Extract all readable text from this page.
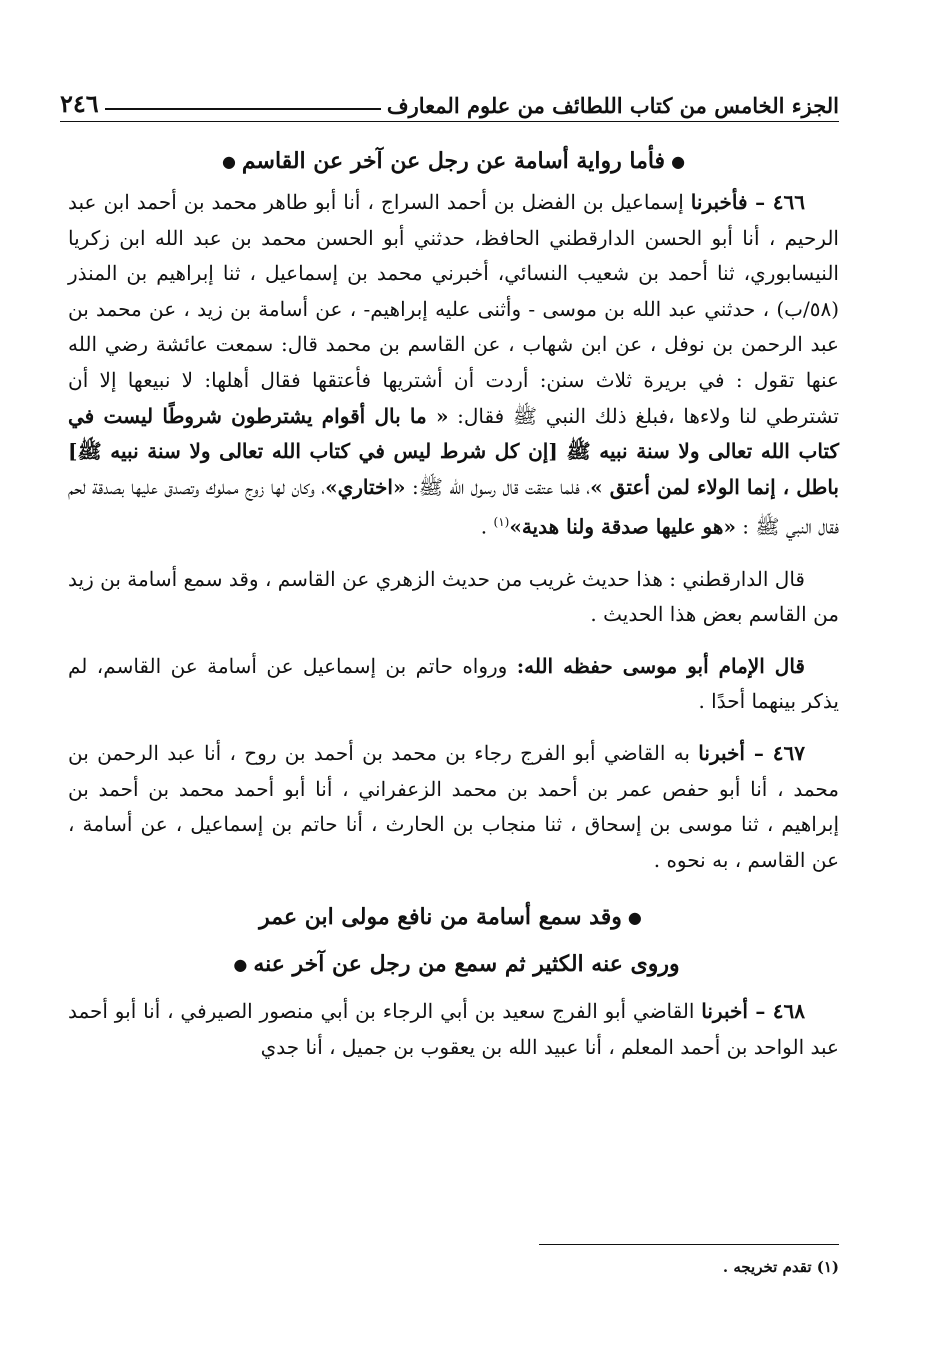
٢٤٦	الجزء الخامس من كتاب اللطائف من علوم المعارف

●فأما رواية أسامة عن رجل عن آخر عن القاسم●

٤٦٦ – فأخبرنا إسماعيل بن الفضل بن أحمد السراج ، أنا أبو طاهر محمد بن أحمد ابن عبد الرحيم ، أنا أبو الحسن الدارقطني الحافظ، حدثني أبو الحسن محمد بن عبد الله ابن زكريا النيسابوري، ثنا أحمد بن شعيب النسائي، أخبرني محمد بن إسماعيل ، ثنا إبراهيم بن المنذر (٥٨/ب) ، حدثني عبد الله بن موسى - وأثنى عليه إبراهيم- ، عن أسامة بن زيد ، عن محمد بن عبد الرحمن بن نوفل ، عن ابن شهاب ، عن القاسم بن محمد قال: سمعت عائشة رضي الله عنها تقول : في بريرة ثلاث سنن: أردت أن أشتريها فأعتقها فقال أهلها: لا نبيعها إلا أن تشترطي لنا ولاءها ،فبلغ ذلك النبي ﷺ فقال: « ما بال أقوام يشترطون شروطًا ليست في كتاب الله تعالى ولا سنة نبيه ﷺ [إن كل شرط ليس في كتاب الله تعالى ولا سنة نبيه ﷺ] باطل ، إنما الولاء لمن أعتق »، فلما عتقت قال رسول الله ﷺ: «اختاري»، وكان لها زوج مملوك وتصدق عليها بصدقة لحم فقال النبي ﷺ : «هو عليها صدقة ولنا هدية»$^{(١)}$ .

قال الدارقطني : هذا حديث غريب من حديث الزهري عن القاسم ، وقد سمع أسامة بن زيد من القاسم بعض هذا الحديث .

قال الإمام أبو موسى حفظه الله: ورواه حاتم بن إسماعيل عن أسامة عن القاسم، لم يذكر بينهما أحدًا .

٤٦٧ – أخبرنا به القاضي أبو الفرج رجاء بن محمد بن أحمد بن روح ، أنا عبد الرحمن بن محمد ، أنا أبو حفص عمر بن أحمد بن محمد الزعفراني ، أنا أبو أحمد محمد بن أحمد بن إبراهيم ، ثنا موسى بن إسحاق ، ثنا منجاب بن الحارث ، أنا حاتم بن إسماعيل ، عن أسامة ، عن القاسم ، به نحوه .

●وقد سمع أسامة من نافع مولى ابن عمر

وروى عنه الكثير ثم سمع من رجل عن آخر عنه●

٤٦٨ – أخبرنا القاضي أبو الفرج سعيد بن أبي الرجاء بن أبي منصور الصيرفي ، أنا أبو أحمد عبد الواحد بن أحمد المعلم ، أنا عبيد الله بن يعقوب بن جميل ، أنا جدي

(١) تقدم تخريجه .
